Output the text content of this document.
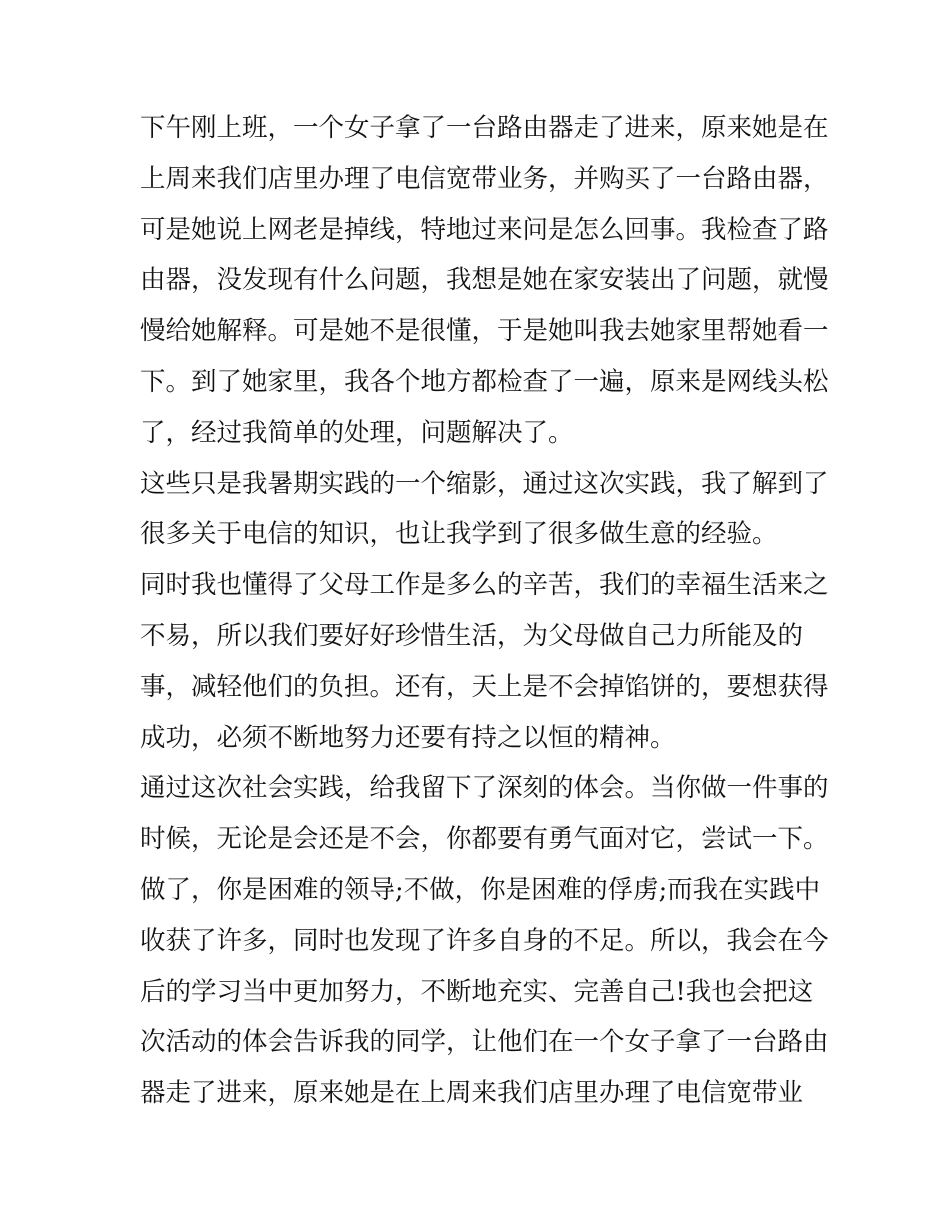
下午刚上班，一个女子拿了一台路由器走了进来，原来她是在
上周来我们店里办理了电信宽带业务，并购买了一台路由器，
可是她说上网老是掉线，特地过来问是怎么回事。我检查了路
由器，没发现有什么问题，我想是她在家安装出了问题，就慢
慢给她解释。可是她不是很懂，于是她叫我去她家里帮她看一
下。到了她家里，我各个地方都检查了一遍，原来是网线头松
了，经过我简单的处理，问题解决了。
这些只是我暑期实践的一个缩影，通过这次实践，我了解到了
很多关于电信的知识，也让我学到了很多做生意的经验。
同时我也懂得了父母工作是多么的辛苦，我们的幸福生活来之
不易，所以我们要好好珍惜生活，为父母做自己力所能及的
事，减轻他们的负担。还有，天上是不会掉馅饼的，要想获得
成功，必须不断地努力还要有持之以恒的精神。
通过这次社会实践，给我留下了深刻的体会。当你做一件事的
时候，无论是会还是不会，你都要有勇气面对它，尝试一下。
做了，你是困难的领导;不做，你是困难的俘虏;而我在实践中
收获了许多，同时也发现了许多自身的不足。所以，我会在今
后的学习当中更加努力，不断地充实、完善自己!我也会把这
次活动的体会告诉我的同学，让他们在一个女子拿了一台路由
器走了进来，原来她是在上周来我们店里办理了电信宽带业
